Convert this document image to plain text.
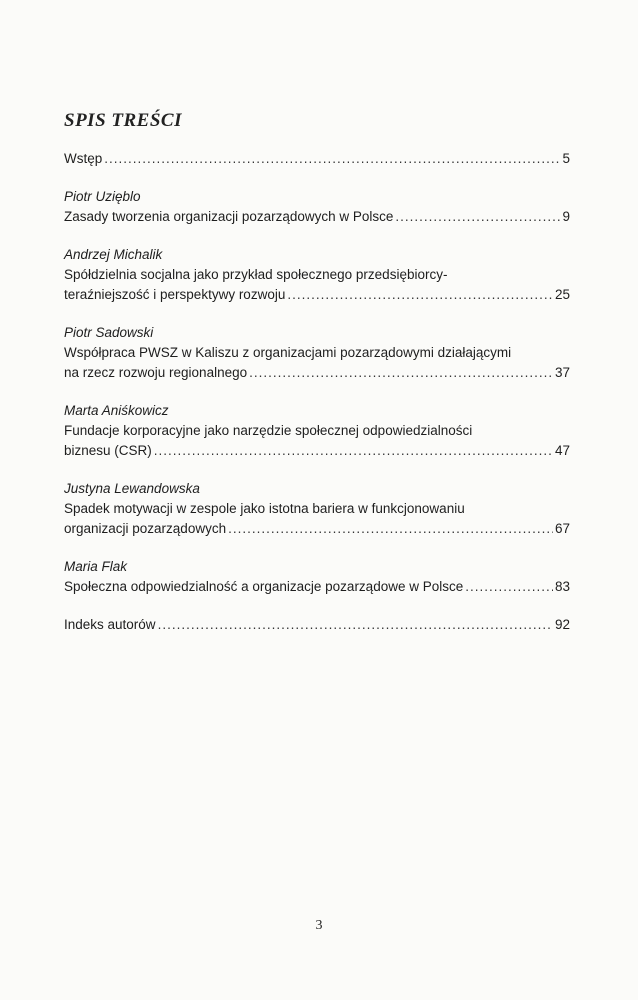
SPIS TREŚCI
Wstęp .....	5
Piotr Uzięblo
Zasady tworzenia organizacji pozarządowych w Polsce .....	9
Andrzej Michalik
Spółdzielnia socjalna jako przykład społecznego przedsiębiorcy-
teraźniejszość i perspektywy rozwoju .....	25
Piotr Sadowski
Współpraca PWSZ w Kaliszu z organizacjami pozarządowymi działającymi
na rzecz rozwoju regionalnego .....	37
Marta Aniśkowicz
Fundacje korporacyjne jako narzędzie społecznej odpowiedzialności
biznesu (CSR) .....	47
Justyna Lewandowska
Spadek motywacji w zespole jako istotna bariera w funkcjonowaniu
organizacji pozarządowych .....	67
Maria Flak
Społeczna odpowiedzialność a organizacje pozarządowe w Polsce .....	83
Indeks autorów .....	92
3
